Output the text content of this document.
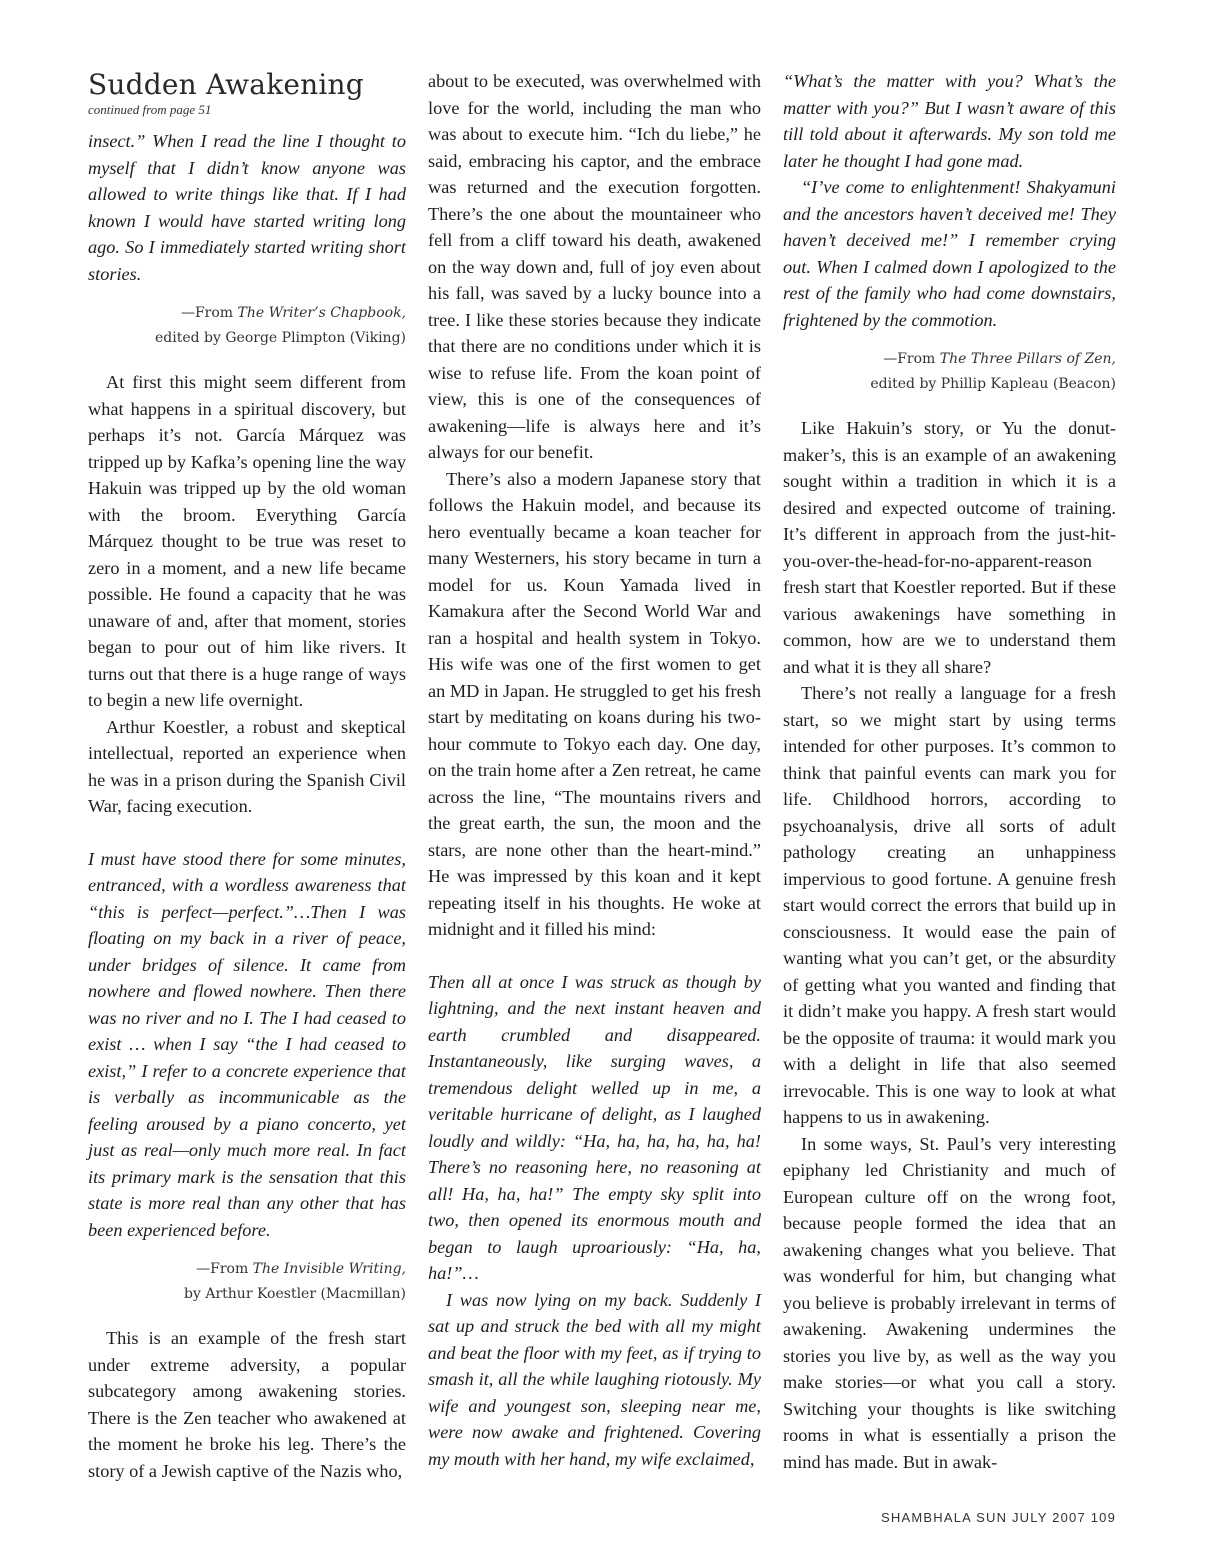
Sudden Awakening
continued from page 51

insect.” When I read the line I thought to myself that I didn’t know anyone was allowed to write things like that. If I had known I would have started writing long ago. So I immediately started writing short stories.

—From The Writer’s Chapbook,
edited by George Plimpton (Viking)

At first this might seem different from what happens in a spiritual discovery, but perhaps it’s not. García Márquez was tripped up by Kafka’s opening line the way Hakuin was tripped up by the old woman with the broom. Everything García Márquez thought to be true was reset to zero in a moment, and a new life became possible. He found a capacity that he was unaware of and, after that moment, stories began to pour out of him like rivers. It turns out that there is a huge range of ways to begin a new life overnight.

Arthur Koestler, a robust and skeptical intellectual, reported an experience when he was in a prison during the Spanish Civil War, facing execution.

I must have stood there for some minutes, entranced, with a wordless awareness that “this is perfect—perfect.”…Then I was floating on my back in a river of peace, under bridges of silence. It came from nowhere and flowed nowhere. Then there was no river and no I. The I had ceased to exist … when I say “the I had ceased to exist,” I refer to a concrete experience that is verbally as incommunicable as the feeling aroused by a piano concerto, yet just as real—only much more real. In fact its primary mark is the sensation that this state is more real than any other that has been experienced before.

—From The Invisible Writing,
by Arthur Koestler (Macmillan)

This is an example of the fresh start under extreme adversity, a popular subcategory among awakening stories. There is the Zen teacher who awakened at the moment he broke his leg. There’s the story of a Jewish captive of the Nazis who,

about to be executed, was overwhelmed with love for the world, including the man who was about to execute him. “Ich du liebe,” he said, embracing his captor, and the embrace was returned and the execution forgotten. There’s the one about the mountaineer who fell from a cliff toward his death, awakened on the way down and, full of joy even about his fall, was saved by a lucky bounce into a tree. I like these stories because they indicate that there are no conditions under which it is wise to refuse life. From the koan point of view, this is one of the consequences of awakening—life is always here and it’s always for our benefit.

There’s also a modern Japanese story that follows the Hakuin model, and because its hero eventually became a koan teacher for many Westerners, his story became in turn a model for us. Koun Yamada lived in Kamakura after the Second World War and ran a hospital and health system in Tokyo. His wife was one of the first women to get an MD in Japan. He struggled to get his fresh start by meditating on koans during his two-hour commute to Tokyo each day. One day, on the train home after a Zen retreat, he came across the line, “The mountains rivers and the great earth, the sun, the moon and the stars, are none other than the heart-mind.” He was impressed by this koan and it kept repeating itself in his thoughts. He woke at midnight and it filled his mind:

Then all at once I was struck as though by lightning, and the next instant heaven and earth crumbled and disappeared. Instantaneously, like surging waves, a tremendous delight welled up in me, a veritable hurricane of delight, as I laughed loudly and wildly: “Ha, ha, ha, ha, ha, ha! There’s no reasoning here, no reasoning at all! Ha, ha, ha!” The empty sky split into two, then opened its enormous mouth and began to laugh uproariously: “Ha, ha, ha!”…

I was now lying on my back. Suddenly I sat up and struck the bed with all my might and beat the floor with my feet, as if trying to smash it, all the while laughing riotously. My wife and youngest son, sleeping near me, were now awake and frightened. Covering my mouth with her hand, my wife exclaimed,

“What’s the matter with you? What’s the matter with you?” But I wasn’t aware of this till told about it afterwards. My son told me later he thought I had gone mad.

“I’ve come to enlightenment! Shakyamuni and the ancestors haven’t deceived me! They haven’t deceived me!” I remember crying out. When I calmed down I apologized to the rest of the family who had come downstairs, frightened by the commotion.

—From The Three Pillars of Zen,
edited by Phillip Kapleau (Beacon)

Like Hakuin’s story, or Yu the donut-maker’s, this is an example of an awakening sought within a tradition in which it is a desired and expected outcome of training. It’s different in approach from the just-hit-you-over-the-head-for-no-apparent-reason fresh start that Koestler reported. But if these various awakenings have something in common, how are we to understand them and what it is they all share?

There’s not really a language for a fresh start, so we might start by using terms intended for other purposes. It’s common to think that painful events can mark you for life. Childhood horrors, according to psychoanalysis, drive all sorts of adult pathology creating an unhappiness impervious to good fortune. A genuine fresh start would correct the errors that build up in consciousness. It would ease the pain of wanting what you can’t get, or the absurdity of getting what you wanted and finding that it didn’t make you happy. A fresh start would be the opposite of trauma: it would mark you with a delight in life that also seemed irrevocable. This is one way to look at what happens to us in awakening.

In some ways, St. Paul’s very interesting epiphany led Christianity and much of European culture off on the wrong foot, because people formed the idea that an awakening changes what you believe. That was wonderful for him, but changing what you believe is probably irrelevant in terms of awakening. Awakening undermines the stories you live by, as well as the way you make stories—or what you call a story. Switching your thoughts is like switching rooms in what is essentially a prison the mind has made. But in awak-

SHAMBHALA SUN JULY 2007 109
